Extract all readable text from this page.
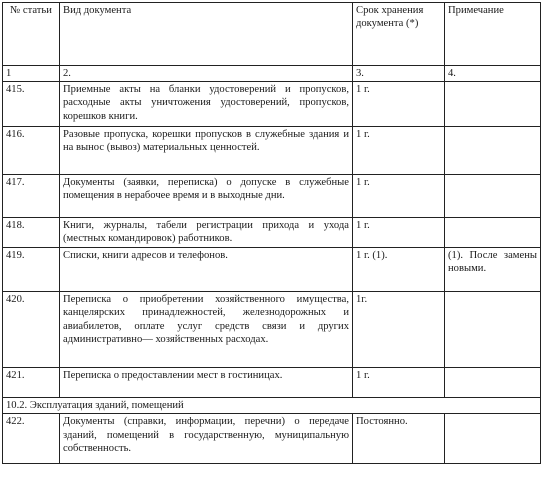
№ статьи	Вид документа	Срок хранения документа (*)	Примечание
1	2.	3.	4.
415.	Приемные акты на бланки удостоверений и пропусков, расходные акты уничтожения удостоверений, пропусков, корешков книги.	1 г.	
416.	Разовые пропуска, корешки пропусков в служебные здания и на вынос (вывоз) материальных ценностей.	1 г.	
417.	Документы (заявки, переписка) о допуске в служебные помещения в нерабочее время и в выходные дни.	1 г.	
418.	Книги, журналы, табели регистрации прихода и ухода (местных командировок) работников.	1 г.	
419.	Списки, книги адресов и телефонов.	1 г. (1).	(1). После замены новыми.
420.	Переписка о приобретении хозяйственного имущества, канцелярских принадлежностей, железнодорожных и авиабилетов, оплате услуг средств связи и других административно— хозяйственных расходах.	1г.	
421.	Переписка о предоставлении мест в гостиницах.	1 г.	
10.2. Эксплуатация зданий, помещений			
422.	Документы (справки, информации, перечни) о передаче зданий, помещений в государственную, муниципальную собственность.	Постоянно.	
